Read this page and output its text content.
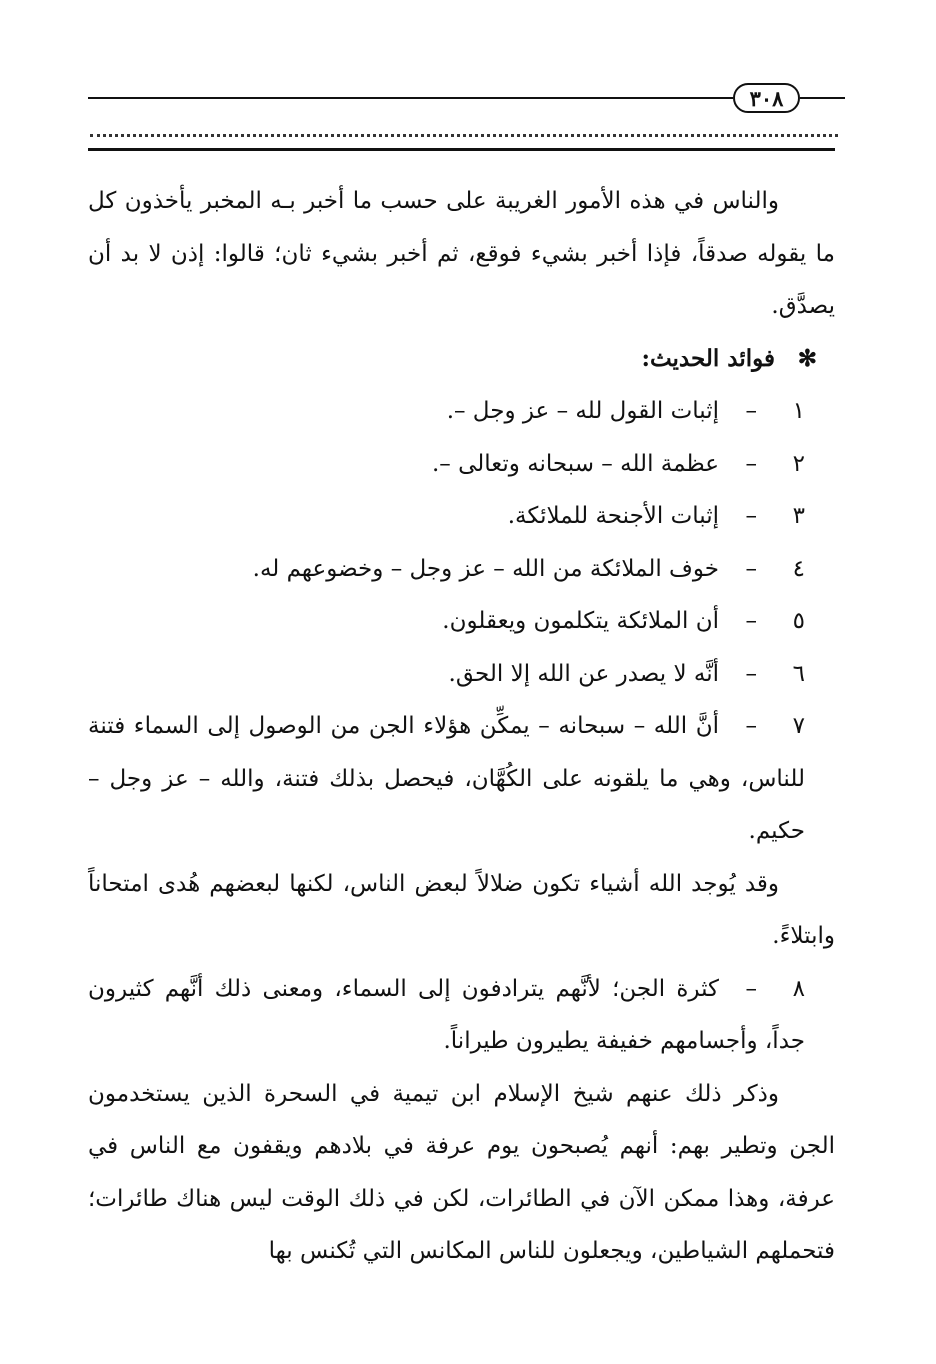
٣٠٨

والناس في هذه الأمور الغريبة على حسب ما أخبر بـه المخبر يأخذون كل ما يقوله صدقاً، فإذا أخبر بشيء فوقع، ثم أخبر بشيء ثان؛ قالوا: إذن لا بد أن يصدَّق.

✻فوائد الحديث:

١
–
إثبات القول لله – عز وجل –.
٢
–
عظمة الله – سبحانه وتعالى –.
٣
–
إثبات الأجنحة للملائكة.
٤
–
خوف الملائكة من الله – عز وجل – وخضوعهم له.
٥
–
أن الملائكة يتكلمون ويعقلون.
٦
–
أنَّه لا يصدر عن الله إلا الحق.

٧–أنَّ الله – سبحانه – يمكِّن هؤلاء الجن من الوصول إلى السماء فتنة للناس، وهي ما يلقونه على الكُهَّان، فيحصل بذلك فتنة، والله – عز وجل – حكيم.

وقد يُوجد الله أشياء تكون ضلالاً لبعض الناس، لكنها لبعضهم هُدى امتحاناً وابتلاءً.

٨–كثرة الجن؛ لأنَّهم يترادفون إلى السماء، ومعنى ذلك أنَّهم كثيرون جداً، وأجسامهم خفيفة يطيرون طيراناً.

وذكر ذلك عنهم شيخ الإسلام ابن تيمية في السحرة الذين يستخدمون الجن وتطير بهم: أنهم يُصبحون يوم عرفة في بلادهم ويقفون مع الناس في عرفة، وهذا ممكن الآن في الطائرات، لكن في ذلك الوقت ليس هناك طائرات؛ فتحملهم الشياطين، ويجعلون للناس المكانس التي تُكنس بها
